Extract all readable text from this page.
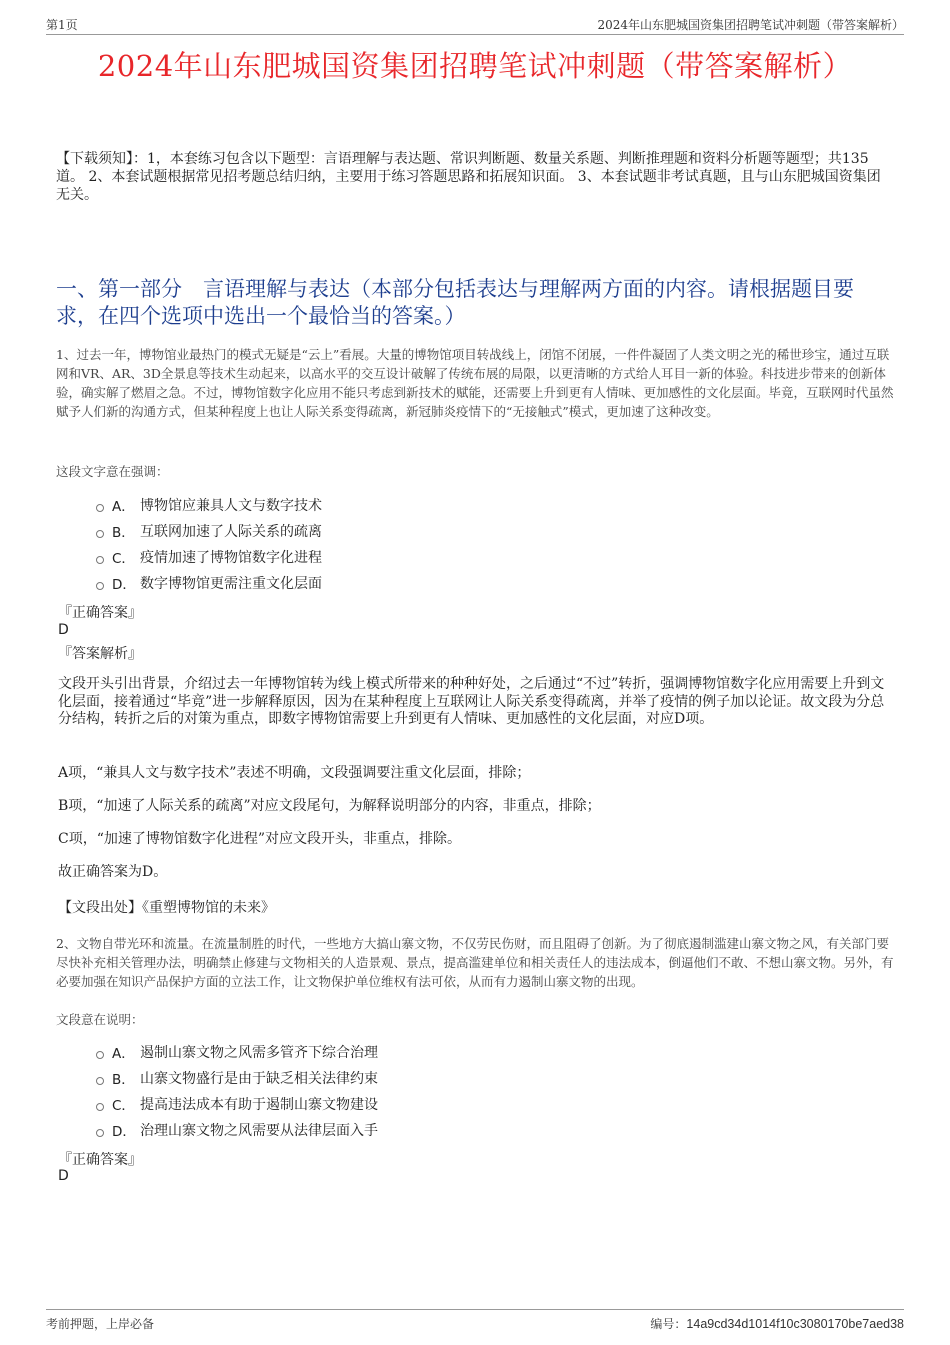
第1页	2024年山东肥城国资集团招聘笔试冲刺题（带答案解析）
2024年山东肥城国资集团招聘笔试冲刺题（带答案解析）
【下载须知】：1，本套练习包含以下题型：言语理解与表达题、常识判断题、数量关系题、判断推理题和资料分析题等题型；共135道。 2、本套试题根据常见招考题总结归纳，主要用于练习答题思路和拓展知识面。 3、本套试题非考试真题，且与山东肥城国资集团无关。
一、第一部分　言语理解与表达（本部分包括表达与理解两方面的内容。请根据题目要求，在四个选项中选出一个最恰当的答案。）
1、过去一年，博物馆业最热门的模式无疑是“云上”看展。大量的博物馆项目转战线上，闭馆不闭展，一件件凝固了人类文明之光的稀世珍宝，通过互联网和VR、AR、3D全景息等技术生动起来，以高水平的交互设计破解了传统布展的局限，以更清晰的方式给人耳目一新的体验。科技进步带来的创新体验，确实解了燃眉之急。不过，博物馆数字化应用不能只考虑到新技术的赋能，还需要上升到更有人情味、更加感性的文化层面。毕竟，互联网时代虽然赋予人们新的沟通方式，但某种程度上也让人际关系变得疏离，新冠肺炎疫情下的“无接触式”模式，更加速了这种改变。
这段文字意在强调：
A． 博物馆应兼具人文与数字技术
B． 互联网加速了人际关系的疏离
C． 疫情加速了博物馆数字化进程
D． 数字博物馆更需注重文化层面
『正确答案』
D
『答案解析』
文段开头引出背景，介绍过去一年博物馆转为线上模式所带来的种种好处，之后通过“不过”转折，强调博物馆数字化应用需要上升到文化层面，接着通过“毕竟”进一步解释原因，因为在某种程度上互联网让人际关系变得疏离，并举了疫情的例子加以论证。故文段为分总分结构，转折之后的对策为重点，即数字博物馆需要上升到更有人情味、更加感性的文化层面，对应D项。
A项，“兼具人文与数字技术”表述不明确，文段强调要注重文化层面，排除；
B项，“加速了人际关系的疏离”对应文段尾句，为解释说明部分的内容，非重点，排除；
C项，“加速了博物馆数字化进程”对应文段开头，非重点，排除。
故正确答案为D。
【文段出处】《重塑博物馆的未来》
2、文物自带光环和流量。在流量制胜的时代，一些地方大搞山寨文物，不仅劳民伤财，而且阻碍了创新。为了彻底遏制滥建山寨文物之风，有关部门要尽快补充相关管理办法，明确禁止修建与文物相关的人造景观、景点，提高滥建单位和相关责任人的违法成本，倒逼他们不敢、不想山寨文物。另外，有必要加强在知识产品保护方面的立法工作，让文物保护单位维权有法可依，从而有力遏制山寨文物的出现。
文段意在说明：
A． 遏制山寨文物之风需多管齐下综合治理
B． 山寨文物盛行是由于缺乏相关法律约束
C． 提高违法成本有助于遏制山寨文物建设
D． 治理山寨文物之风需要从法律层面入手
『正确答案』
D
考前押题，上岸必备	编号：14a9cd34d1014f10c3080170be7aed38
